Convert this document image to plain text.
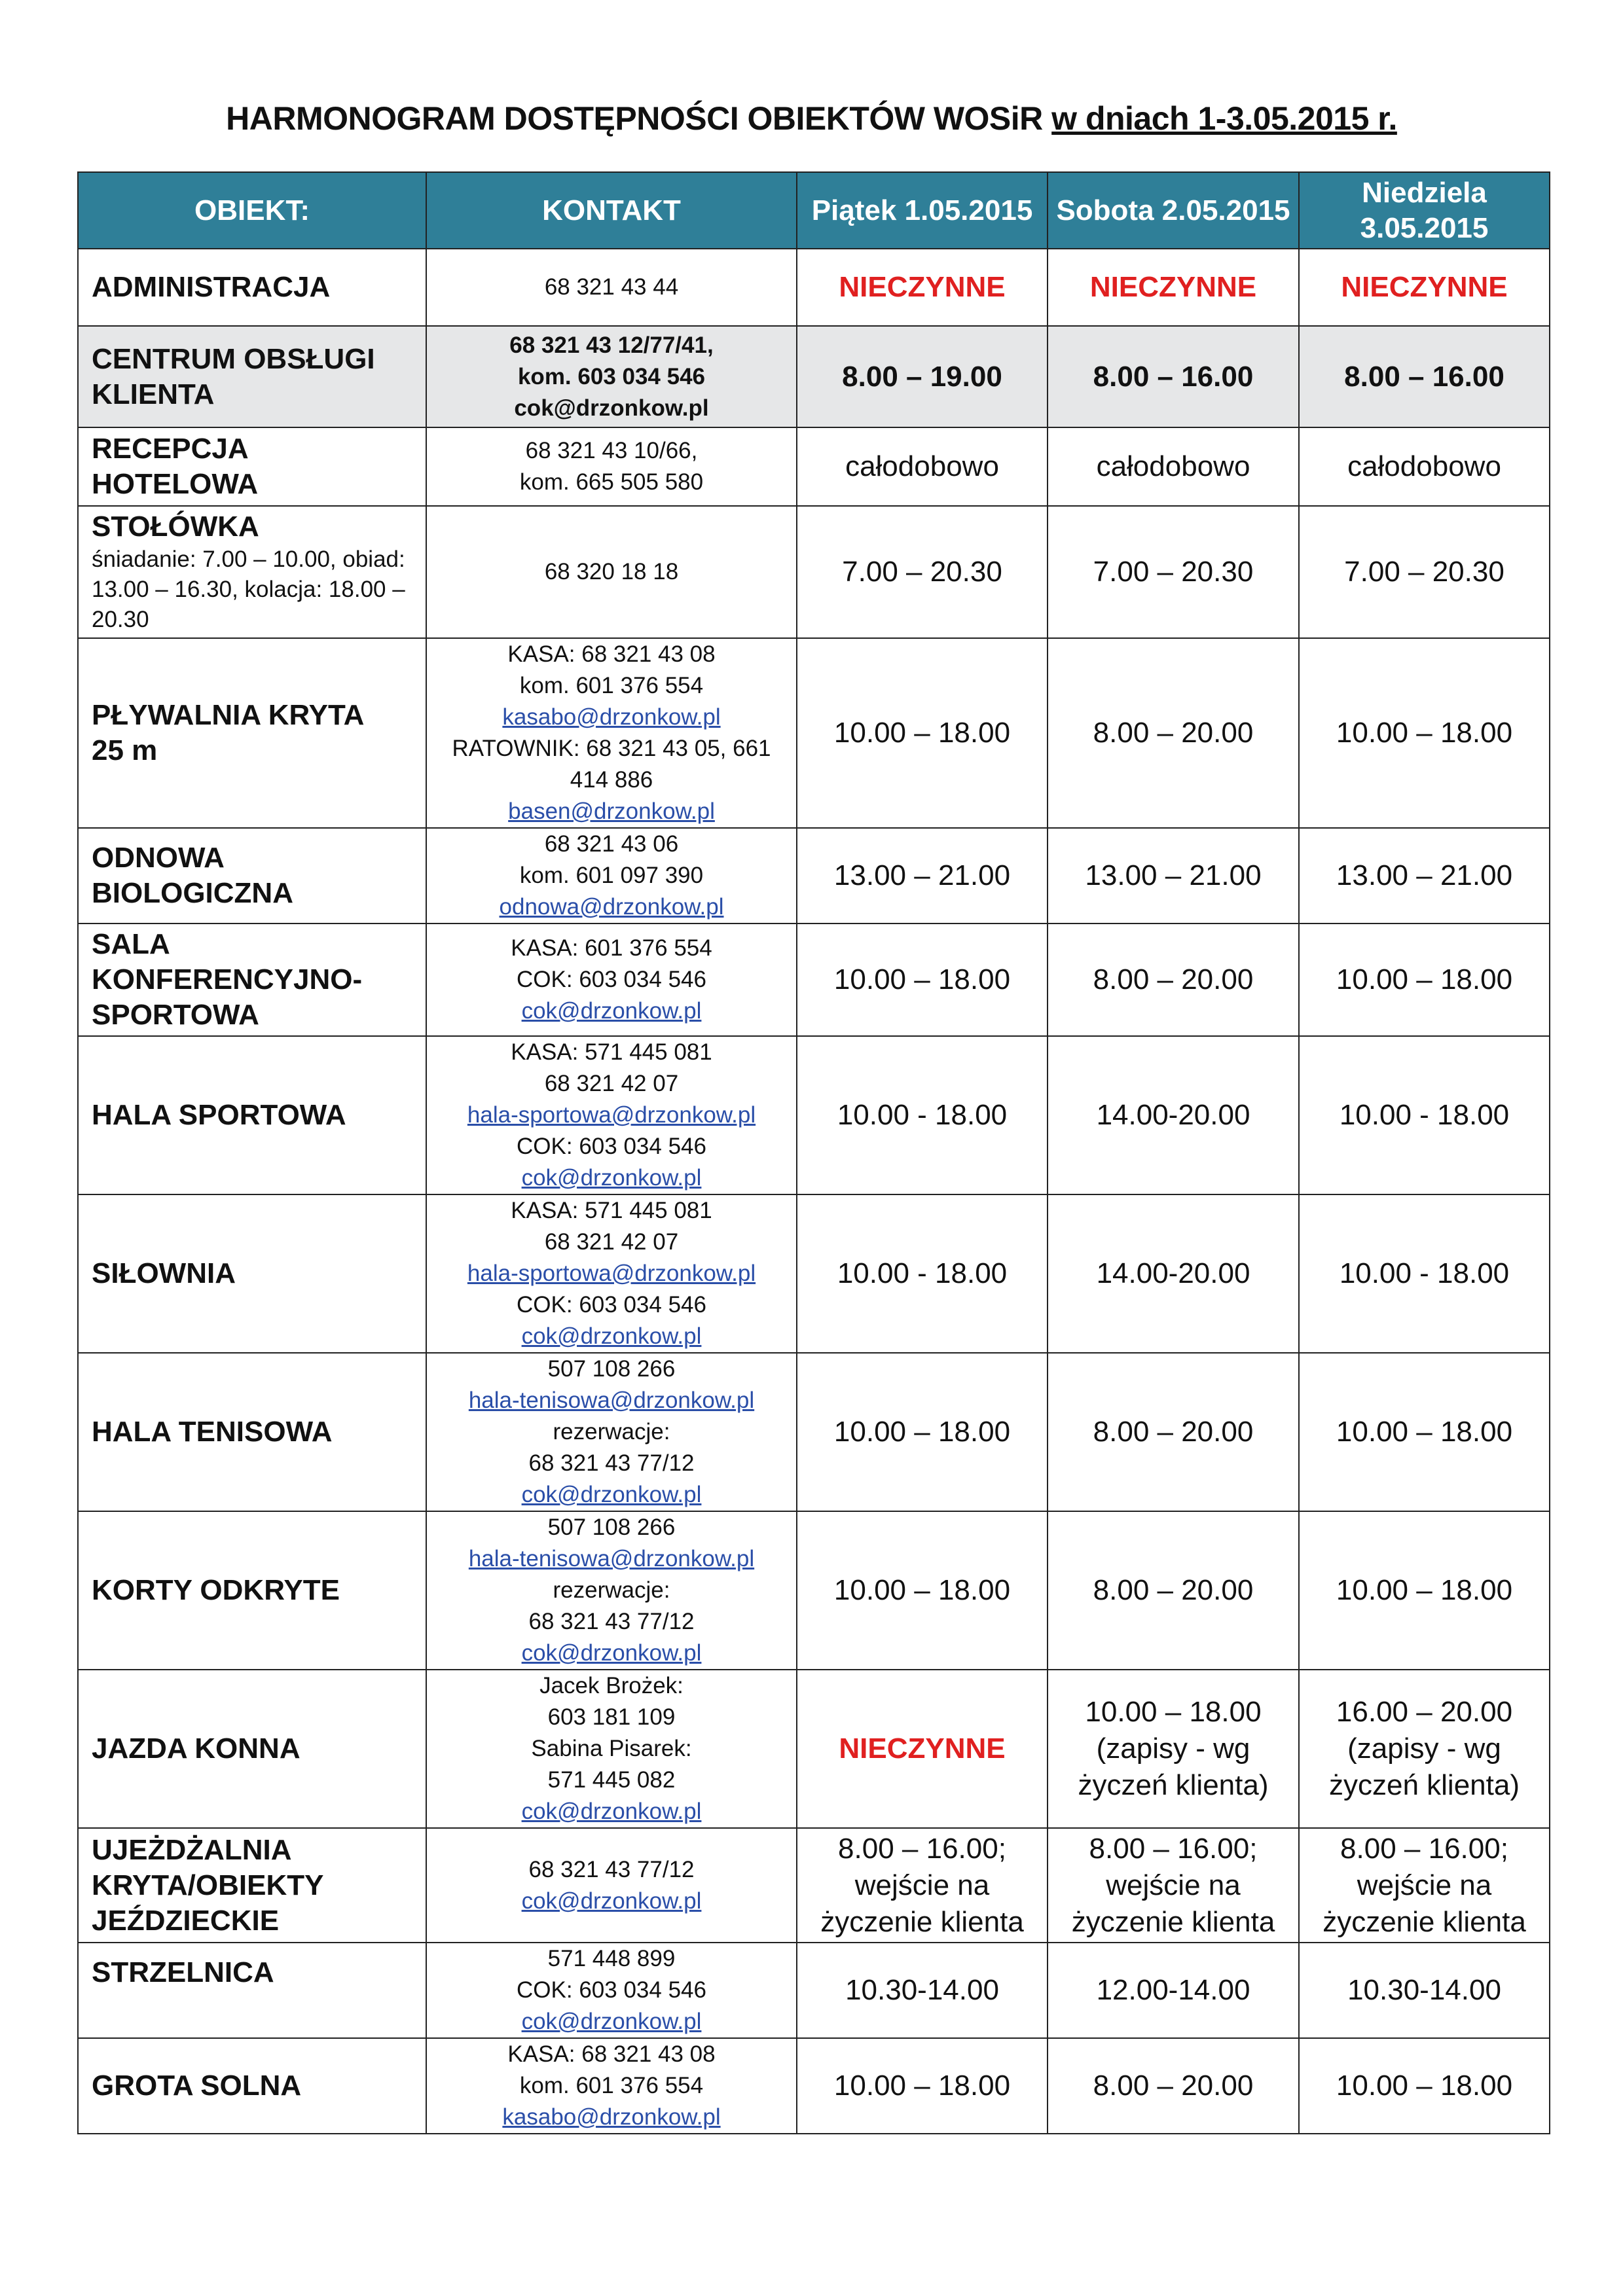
HARMONOGRAM DOSTĘPNOŚCI OBIEKTÓW WOSiR w dniach 1-3.05.2015 r.
OBIEKT:	KONTAKT	Piątek 1.05.2015	Sobota 2.05.2015	Niedziela
3.05.2015
ADMINISTRACJA	68 321 43 44	NIECZYNNE	NIECZYNNE	NIECZYNNE
CENTRUM OBSŁUGI
KLIENTA	68 321 43 12/77/41,
kom. 603 034 546
cok@drzonkow.pl	8.00 – 19.00	8.00 – 16.00	8.00 – 16.00
RECEPCJA HOTELOWA	68 321 43 10/66,
kom. 665 505 580	całodobowo	całodobowo	całodobowo
STOŁÓWKA
śniadanie: 7.00 – 10.00, obiad: 13.00 – 16.30, kolacja: 18.00 – 20.30	68 320 18 18	7.00 – 20.30	7.00 – 20.30	7.00 – 20.30
PŁYWALNIA KRYTA
25 m	KASA: 68 321 43 08
kom. 601 376 554
kasabo@drzonkow.pl
RATOWNIK: 68 321 43 05, 661 414 886
basen@drzonkow.pl	10.00 – 18.00	8.00 – 20.00	10.00 – 18.00
ODNOWA
BIOLOGICZNA	68 321 43 06
kom. 601 097 390
odnowa@drzonkow.pl	13.00 – 21.00	13.00 – 21.00	13.00 – 21.00
SALA
KONFERENCYJNO-
SPORTOWA	KASA: 601 376 554
COK: 603 034 546
cok@drzonkow.pl	10.00 – 18.00	8.00 – 20.00	10.00 – 18.00
HALA SPORTOWA	KASA: 571 445 081
68 321 42 07
hala-sportowa@drzonkow.pl
COK: 603 034 546
cok@drzonkow.pl	10.00 - 18.00	14.00-20.00	10.00 - 18.00
SIŁOWNIA	KASA: 571 445 081
68 321 42 07
hala-sportowa@drzonkow.pl
COK: 603 034 546
cok@drzonkow.pl	10.00 - 18.00	14.00-20.00	10.00 - 18.00
HALA TENISOWA	507 108 266
hala-tenisowa@drzonkow.pl
rezerwacje:
68 321 43 77/12
cok@drzonkow.pl	10.00 – 18.00	8.00 – 20.00	10.00 – 18.00
KORTY ODKRYTE	507 108 266
hala-tenisowa@drzonkow.pl
rezerwacje:
68 321 43 77/12
cok@drzonkow.pl	10.00 – 18.00	8.00 – 20.00	10.00 – 18.00
JAZDA KONNA	Jacek Brożek:
603 181 109
Sabina Pisarek:
571 445 082
cok@drzonkow.pl	NIECZYNNE	10.00 – 18.00
(zapisy - wg
życzeń klienta)	16.00 – 20.00
(zapisy - wg
życzeń klienta)
UJEŻDŻALNIA
KRYTA/OBIEKTY
JEŹDZIECKIE	68 321 43 77/12
cok@drzonkow.pl	8.00 – 16.00;
wejście na
życzenie klienta	8.00 – 16.00;
wejście na
życzenie klienta	8.00 – 16.00;
wejście na
życzenie klienta
STRZELNICA	571 448 899
COK: 603 034 546
cok@drzonkow.pl	10.30-14.00	12.00-14.00	10.30-14.00
GROTA SOLNA	KASA: 68 321 43 08
kom. 601 376 554
kasabo@drzonkow.pl	10.00 – 18.00	8.00 – 20.00	10.00 – 18.00
